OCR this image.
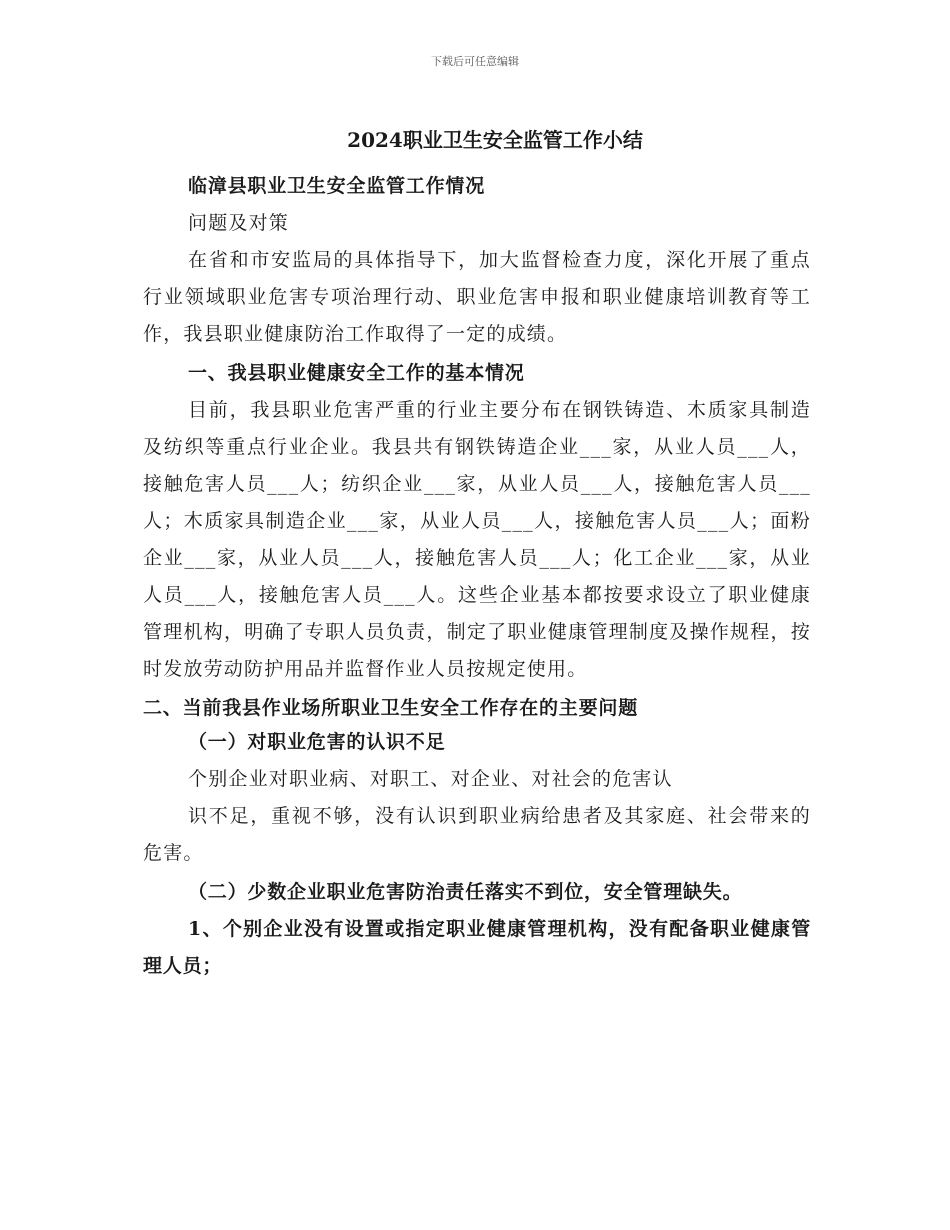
下载后可任意编辑
2024职业卫生安全监管工作小结

临漳县职业卫生安全监管工作情况

问题及对策

在省和市安监局的具体指导下，加大监督检查力度，深化开展了重点行业领域职业危害专项治理行动、职业危害申报和职业健康培训教育等工作，我县职业健康防治工作取得了一定的成绩。

一、我县职业健康安全工作的基本情况

目前，我县职业危害严重的行业主要分布在钢铁铸造、木质家具制造及纺织等重点行业企业。我县共有钢铁铸造企业___家，从业人员___人，接触危害人员___人；纺织企业___家，从业人员___人，接触危害人员___人；木质家具制造企业___家，从业人员___人，接触危害人员___人；面粉企业___家，从业人员___人，接触危害人员___人；化工企业___家，从业人员___人，接触危害人员___人。这些企业基本都按要求设立了职业健康管理机构，明确了专职人员负责，制定了职业健康管理制度及操作规程，按时发放劳动防护用品并监督作业人员按规定使用。

二、当前我县作业场所职业卫生安全工作存在的主要问题

（一）对职业危害的认识不足

个别企业对职业病、对职工、对企业、对社会的危害认

识不足，重视不够，没有认识到职业病给患者及其家庭、社会带来的危害。

（二）少数企业职业危害防治责任落实不到位，安全管理缺失。

1、个别企业没有设置或指定职业健康管理机构，没有配备职业健康管理人员；
